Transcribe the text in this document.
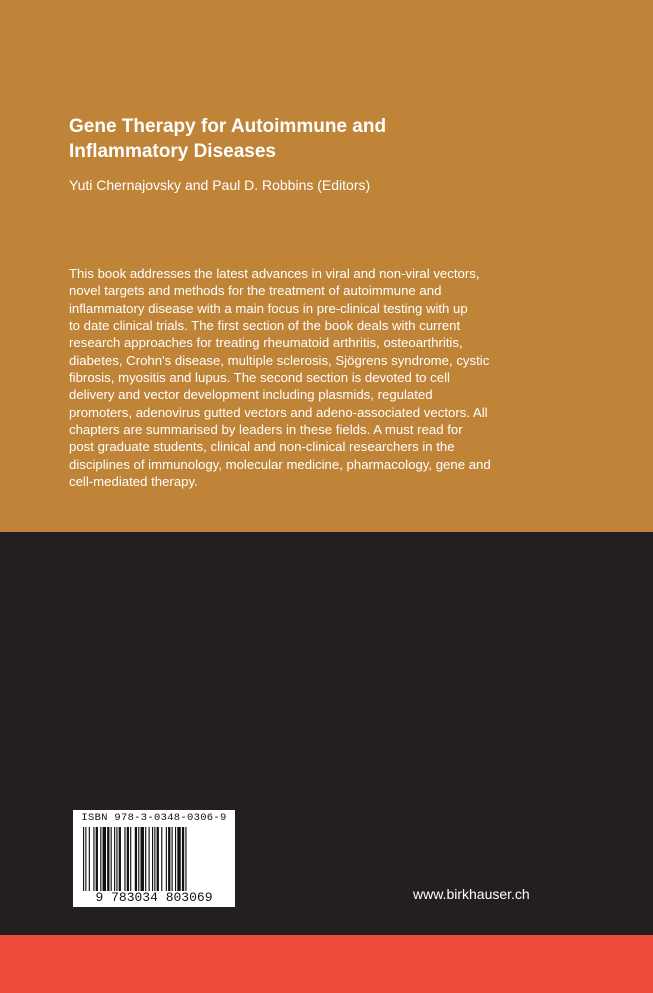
Gene Therapy for Autoimmune and
Inflammatory Diseases

Yuti Chernajovsky and Paul D. Robbins (Editors)

This book addresses the latest advances in viral and non-viral vectors,
novel targets and methods for the treatment of autoimmune and
inflammatory disease with a main focus in pre-clinical testing with up
to date clinical trials. The first section of the book deals with current
research approaches for treating rheumatoid arthritis, osteoarthritis,
diabetes, Crohn's disease, multiple sclerosis, Sjögrens syndrome, cystic
fibrosis, myositis and lupus. The second section is devoted to cell
delivery and vector development including plasmids, regulated
promoters, adenovirus gutted vectors and adeno-associated vectors. All
chapters are summarised by leaders in these fields. A must read for
post graduate students, clinical and non-clinical researchers in the
disciplines of immunology, molecular medicine, pharmacology, gene and
cell-mediated therapy.

ISBN 978-3-0348-0306-9
9 783034 803069	www.birkhauser.ch
